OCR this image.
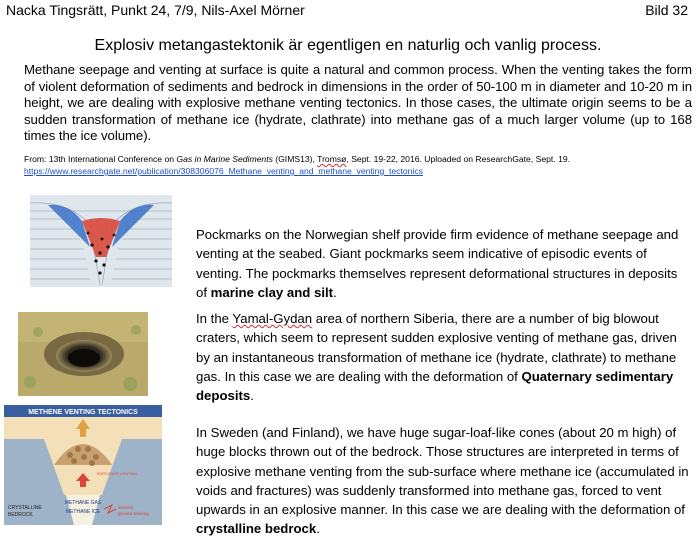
Nacka Tingsrätt, Punkt 24, 7/9, Nils-Axel Mörner	Bild 32
Explosiv metangastektonik är egentligen en naturlig och vanlig process.
Methane seepage and venting at surface is quite a natural and common process. When the venting takes the form of violent deformation of sediments and bedrock in dimensions in the order of 50-100 m in diameter and 10-20 m in height, we are dealing with explosive methane venting tectonics. In those cases, the ultimate origin seems to be a sudden transformation of methane ice (hydrate, clathrate) into methane gas of a much larger volume (up to 168 times the ice volume).
From: 13th International Conference on Gas in Marine Sediments (GIMS13), Tromsø, Sept. 19-22, 2016. Uploaded on ResearchGate, Sept. 19.
https://www.researchgate.net/publication/308306076_Methane_venting_and_methane_venting_tectonics
METHENE VENTING TECTONICS
EXPLODED VENTING
METHANE GAS
METHANE ICE
CRYSTALLINE
BEDROCK
Seismic
ground shaking
Pockmarks on the Norwegian shelf provide firm evidence of methane seepage and venting at the seabed. Giant pockmarks seem indicative of episodic events of venting. The pockmarks themselves represent deformational structures in deposits of marine clay and silt.
In the Yamal-Gydan area of northern Siberia, there are a number of big blowout craters, which seem to represent sudden explosive venting of methane gas, driven by an instantaneous transformation of methane ice (hydrate, clathrate) to methane gas. In this case we are dealing with the deformation of Quaternary sedimentary deposits.
In Sweden (and Finland), we have huge sugar-loaf-like cones (about 20 m high) of huge blocks thrown out of the bedrock. Those structures are interpreted in terms of explosive methane venting from the sub-surface where methane ice (accumulated in voids and fractures) was suddenly transformed into methane gas, forced to vent upwards in an explosive manner. In this case we are dealing with the deformation of crystalline bedrock.
